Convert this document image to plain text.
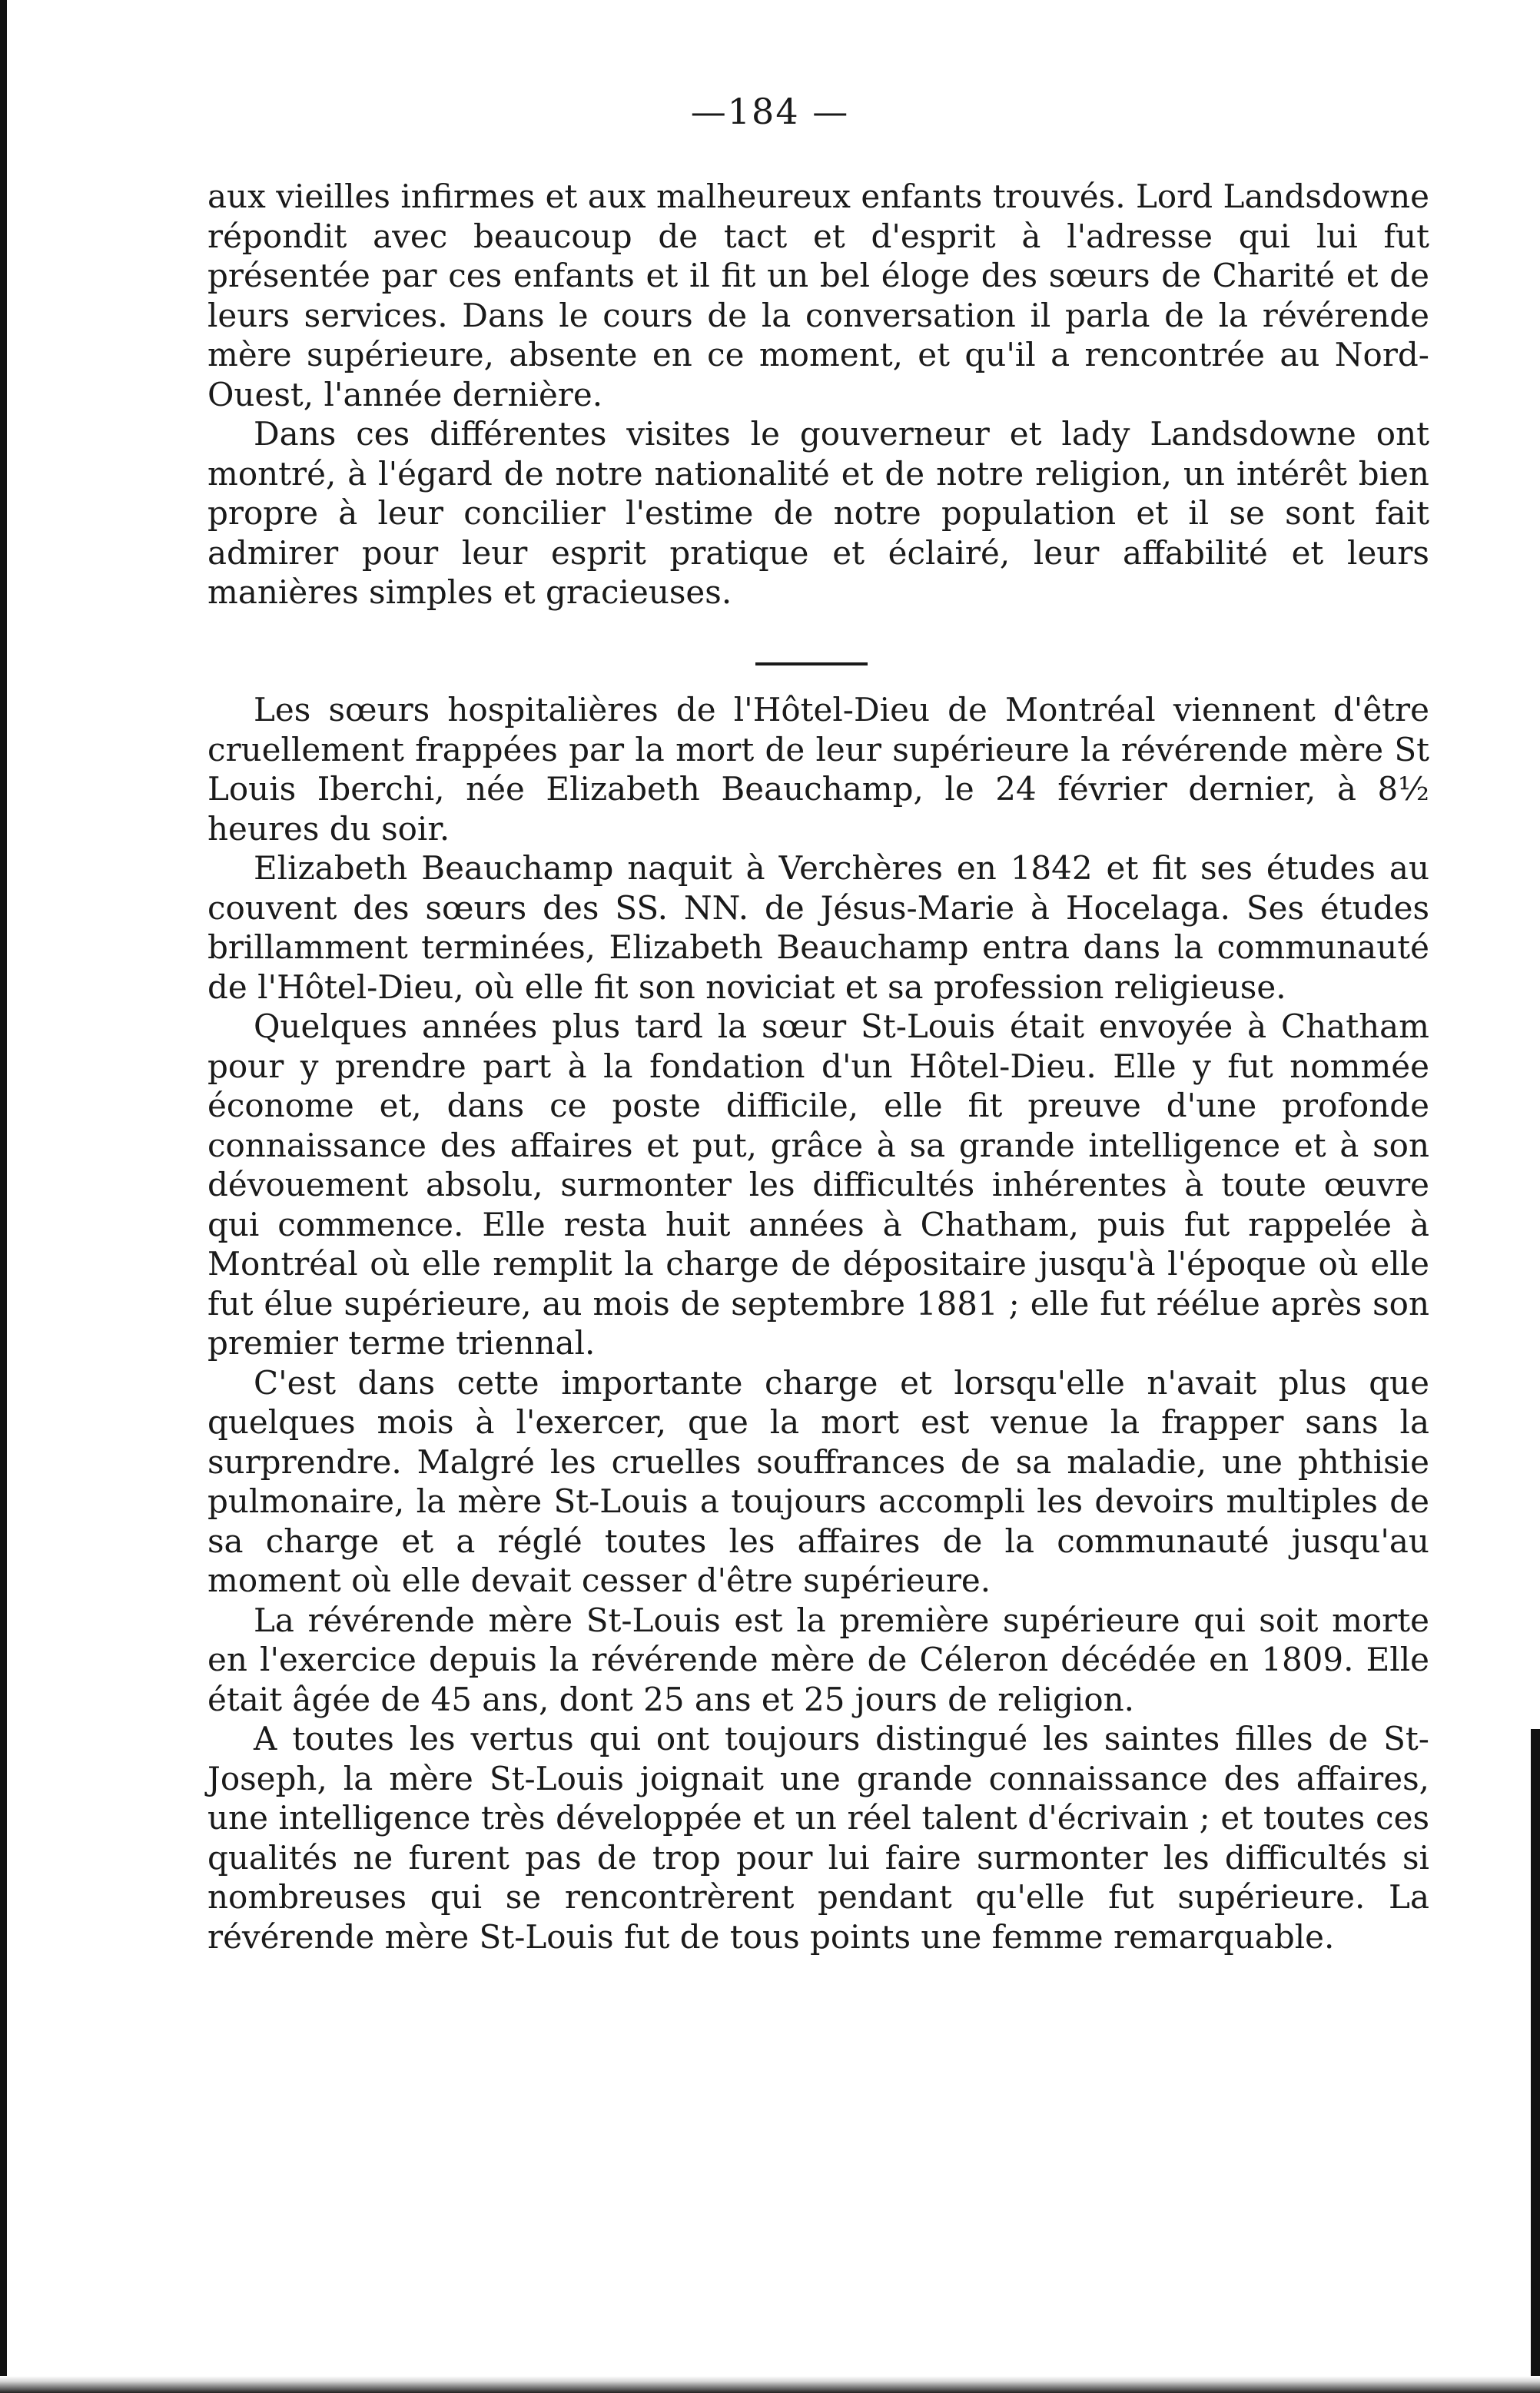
—184 —

aux vieilles infirmes et aux malheureux enfants trouvés. Lord Landsdowne répondit avec beaucoup de tact et d'esprit à l'adresse qui lui fut présentée par ces enfants et il fit un bel éloge des sœurs de Charité et de leurs services. Dans le cours de la conversation il parla de la révérende mère supérieure, absente en ce moment, et qu'il a rencontrée au Nord-Ouest, l'année dernière.

Dans ces différentes visites le gouverneur et lady Landsdowne ont montré, à l'égard de notre nationalité et de notre religion, un intérêt bien propre à leur concilier l'estime de notre population et il se sont fait admirer pour leur esprit pratique et éclairé, leur affabilité et leurs manières simples et gracieuses.

Les sœurs hospitalières de l'Hôtel-Dieu de Montréal viennent d'être cruellement frappées par la mort de leur supérieure la révérende mère St Louis Iberchi, née Elizabeth Beauchamp, le 24 février dernier, à 8½ heures du soir.

Elizabeth Beauchamp naquit à Verchères en 1842 et fit ses études au couvent des sœurs des SS. NN. de Jésus-Marie à Hocelaga. Ses études brillamment terminées, Elizabeth Beauchamp entra dans la communauté de l'Hôtel-Dieu, où elle fit son noviciat et sa profession religieuse.

Quelques années plus tard la sœur St-Louis était envoyée à Chatham pour y prendre part à la fondation d'un Hôtel-Dieu. Elle y fut nommée économe et, dans ce poste difficile, elle fit preuve d'une profonde connaissance des affaires et put, grâce à sa grande intelligence et à son dévouement absolu, surmonter les difficultés inhérentes à toute œuvre qui commence. Elle resta huit années à Chatham, puis fut rappelée à Montréal où elle remplit la charge de dépositaire jusqu'à l'époque où elle fut élue supérieure, au mois de septembre 1881 ; elle fut réélue après son premier terme triennal.

C'est dans cette importante charge et lorsqu'elle n'avait plus que quelques mois à l'exercer, que la mort est venue la frapper sans la surprendre. Malgré les cruelles souffrances de sa maladie, une phthisie pulmonaire, la mère St-Louis a toujours accompli les devoirs multiples de sa charge et a réglé toutes les affaires de la communauté jusqu'au moment où elle devait cesser d'être supérieure.

La révérende mère St-Louis est la première supérieure qui soit morte en l'exercice depuis la révérende mère de Céleron décédée en 1809. Elle était âgée de 45 ans, dont 25 ans et 25 jours de religion.

A toutes les vertus qui ont toujours distingué les saintes filles de St-Joseph, la mère St-Louis joignait une grande connaissance des affaires, une intelligence très développée et un réel talent d'écrivain ; et toutes ces qualités ne furent pas de trop pour lui faire surmonter les difficultés si nombreuses qui se rencontrèrent pendant qu'elle fut supérieure. La révérende mère St-Louis fut de tous points une femme remarquable.
